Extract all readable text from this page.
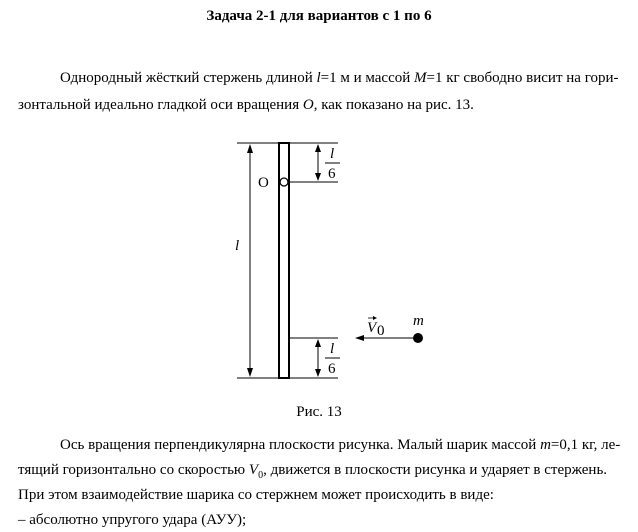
Задача 2-1 для вариантов с 1 по 6
Однородный жёсткий стержень длиной l=1 м и массой M=1 кг свободно висит на гори-
зонтальной идеально гладкой оси вращения O, как показано на рис. 13.
O
l
6
l
l
6
V 0
m
Рис. 13
Ось вращения перпендикулярна плоскости рисунка. Малый шарик массой m=0,1 кг, ле-
тящий горизонтально со скоростью $V_0$, движется в плоскости рисунка и ударяет в стержень.
При этом взаимодействие шарика со стержнем может происходить в виде:
– абсолютно упругого удара (АУУ);
